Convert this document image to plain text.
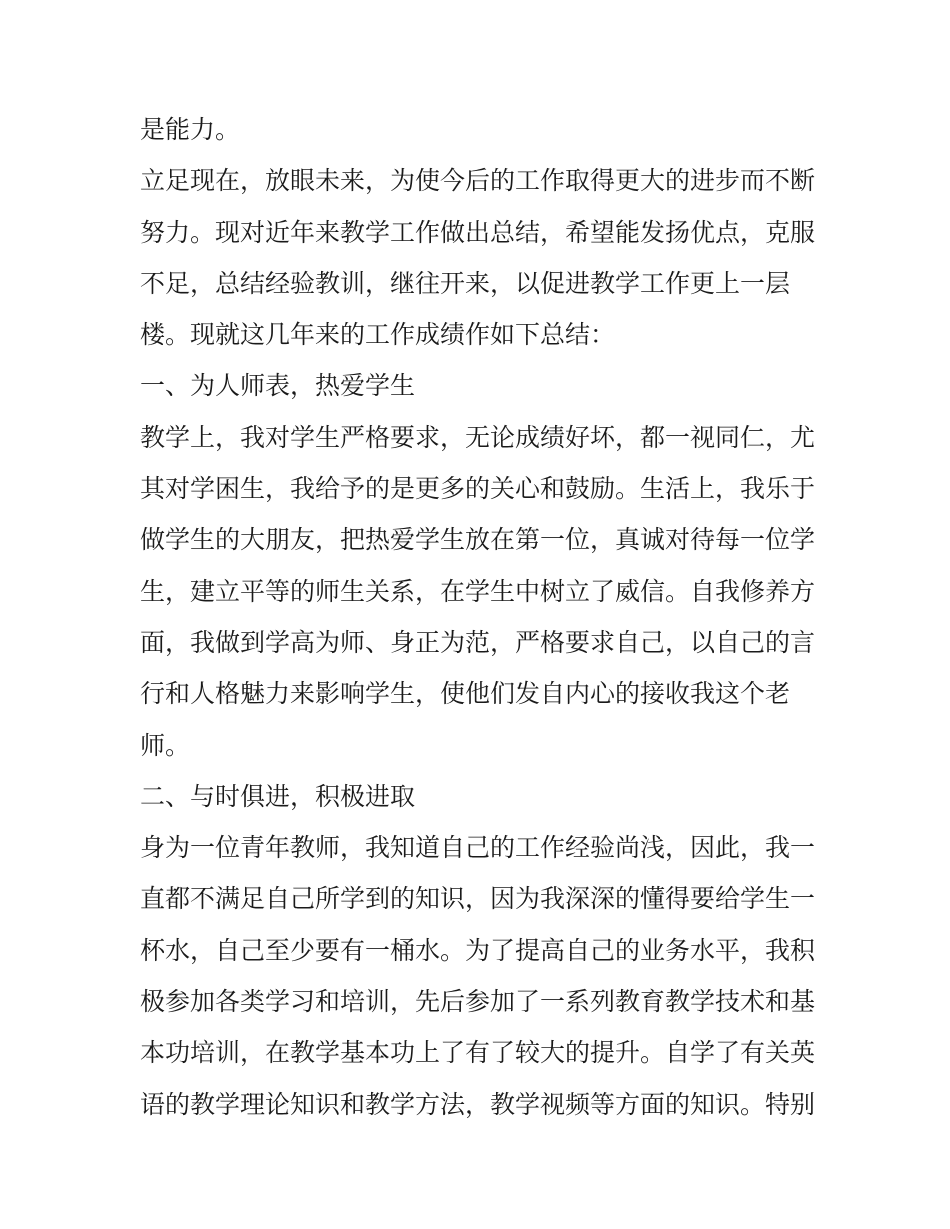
是能力。
立足现在，放眼未来，为使今后的工作取得更大的进步而不断
努力。现对近年来教学工作做出总结，希望能发扬优点，克服
不足，总结经验教训，继往开来，以促进教学工作更上一层
楼。现就这几年来的工作成绩作如下总结：
一、为人师表，热爱学生
教学上，我对学生严格要求，无论成绩好坏，都一视同仁，尤
其对学困生，我给予的是更多的关心和鼓励。生活上，我乐于
做学生的大朋友，把热爱学生放在第一位，真诚对待每一位学
生，建立平等的师生关系，在学生中树立了威信。自我修养方
面，我做到学高为师、身正为范，严格要求自己，以自己的言
行和人格魅力来影响学生，使他们发自内心的接收我这个老
师。
二、与时俱进，积极进取
身为一位青年教师，我知道自己的工作经验尚浅，因此，我一
直都不满足自己所学到的知识，因为我深深的懂得要给学生一
杯水，自己至少要有一桶水。为了提高自己的业务水平，我积
极参加各类学习和培训，先后参加了一系列教育教学技术和基
本功培训，在教学基本功上了有了较大的提升。自学了有关英
语的教学理论知识和教学方法，教学视频等方面的知识。特别
